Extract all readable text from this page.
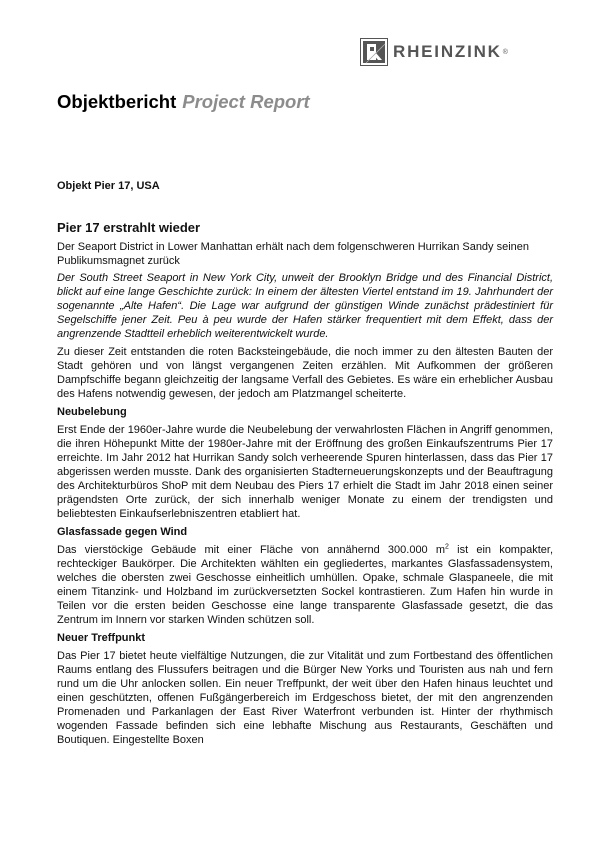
RHEINZINK ®
Objektbericht Project Report
Objekt Pier 17, USA
Pier 17 erstrahlt wieder

Der Seaport District in Lower Manhattan erhält nach dem folgenschweren Hurrikan Sandy seinen Publikumsmagnet zurück

Der South Street Seaport in New York City, unweit der Brooklyn Bridge und des Financial District, blickt auf eine lange Geschichte zurück: In einem der ältesten Viertel entstand im 19. Jahrhundert der sogenannte „Alte Hafen“. Die Lage war aufgrund der günstigen Winde zunächst prädestiniert für Segelschiffe jener Zeit. Peu à peu wurde der Hafen stärker frequentiert mit dem Effekt, dass der angrenzende Stadtteil erheblich weiterentwickelt wurde.

Zu dieser Zeit entstanden die roten Backsteingebäude, die noch immer zu den ältesten Bauten der Stadt gehören und von längst vergangenen Zeiten erzählen. Mit Aufkommen der größeren Dampfschiffe begann gleichzeitig der langsame Verfall des Gebietes. Es wäre ein erheblicher Ausbau des Hafens notwendig gewesen, der jedoch am Platzmangel scheiterte.

Neubelebung

Erst Ende der 1960er-Jahre wurde die Neubelebung der verwahrlosten Flächen in Angriff genommen, die ihren Höhepunkt Mitte der 1980er-Jahre mit der Eröffnung des großen Einkaufszentrums Pier 17 erreichte. Im Jahr 2012 hat Hurrikan Sandy solch verheerende Spuren hinterlassen, dass das Pier 17 abgerissen werden musste. Dank des organisierten Stadterneuerungskonzepts und der Beauftragung des Architekturbüros ShoP mit dem Neubau des Piers 17 erhielt die Stadt im Jahr 2018 einen seiner prägendsten Orte zurück, der sich innerhalb weniger Monate zu einem der trendigsten und beliebtesten Einkaufserlebniszentren etabliert hat.

Glasfassade gegen Wind

Das vierstöckige Gebäude mit einer Fläche von annähernd 300.000 $m^2$ ist ein kompakter, rechteckiger Baukörper. Die Architekten wählten ein gegliedertes, markantes Glasfassadensystem, welches die obersten zwei Geschosse einheitlich umhüllen. Opake, schmale Glaspaneele, die mit einem Titanzink- und Holzband im zurückversetzten Sockel kontrastieren. Zum Hafen hin wurde in Teilen vor die ersten beiden Geschosse eine lange transparente Glasfassade gesetzt, die das Zentrum im Innern vor starken Winden schützen soll.

Neuer Treffpunkt

Das Pier 17 bietet heute vielfältige Nutzungen, die zur Vitalität und zum Fortbestand des öffentlichen Raums entlang des Flussufers beitragen und die Bürger New Yorks und Touristen aus nah und fern rund um die Uhr anlocken sollen. Ein neuer Treffpunkt, der weit über den Hafen hinaus leuchtet und einen geschützten, offenen Fußgängerbereich im Erdgeschoss bietet, der mit den angrenzenden Promenaden und Parkanlagen der East River Waterfront verbunden ist. Hinter der rhythmisch wogenden Fassade befinden sich eine lebhafte Mischung aus Restaurants, Geschäften und Boutiquen. Eingestellte Boxen
